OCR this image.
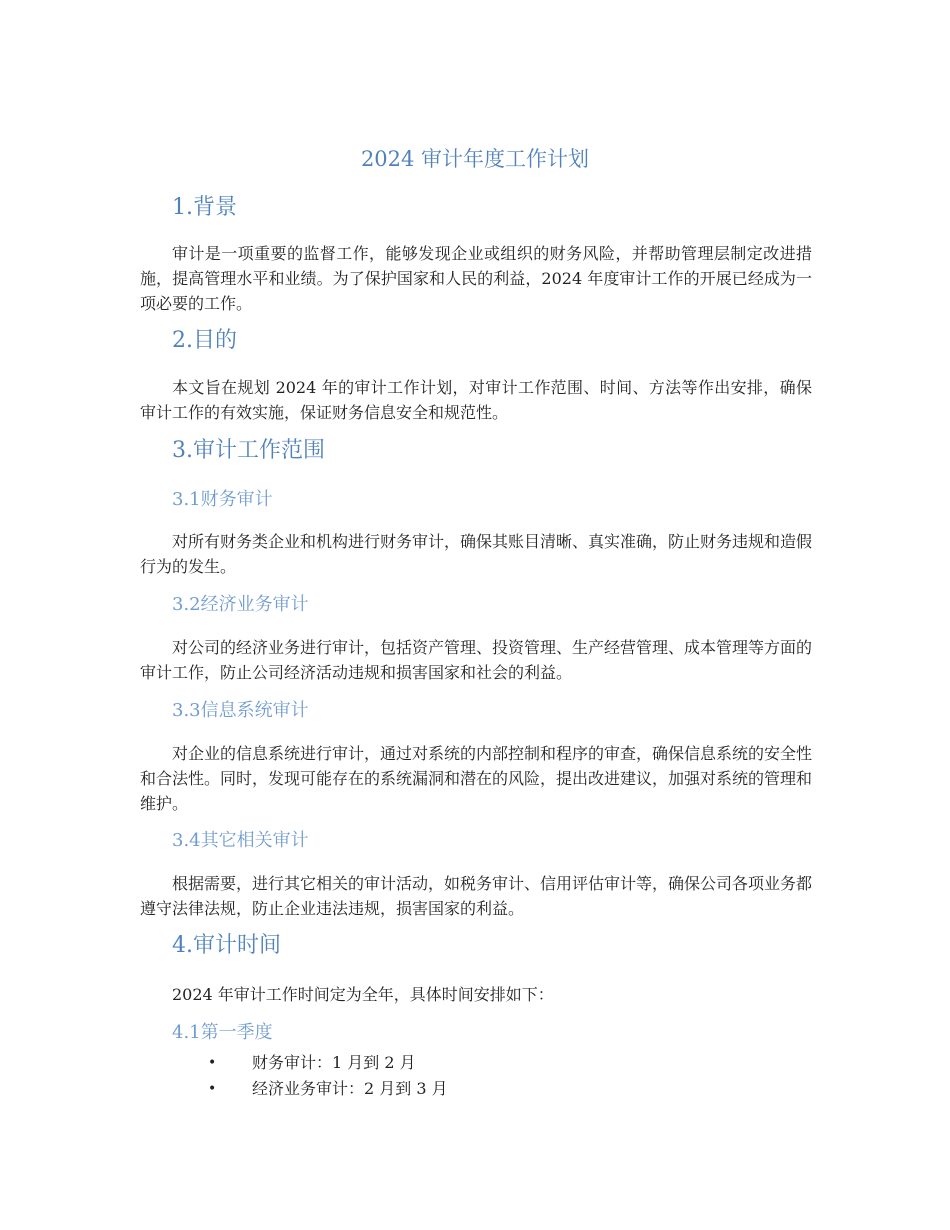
2024 审计年度工作计划
1.背景

审计是一项重要的监督工作，能够发现企业或组织的财务风险，并帮助管理层制定改进措施，提高管理水平和业绩。为了保护国家和人民的利益，2024 年度审计工作的开展已经成为一项必要的工作。

2.目的

本文旨在规划 2024 年的审计工作计划，对审计工作范围、时间、方法等作出安排，确保审计工作的有效实施，保证财务信息安全和规范性。

3.审计工作范围
3.1财务审计

对所有财务类企业和机构进行财务审计，确保其账目清晰、真实准确，防止财务违规和造假行为的发生。

3.2经济业务审计

对公司的经济业务进行审计，包括资产管理、投资管理、生产经营管理、成本管理等方面的审计工作，防止公司经济活动违规和损害国家和社会的利益。

3.3信息系统审计

对企业的信息系统进行审计，通过对系统的内部控制和程序的审查，确保信息系统的安全性和合法性。同时，发现可能存在的系统漏洞和潜在的风险，提出改进建议，加强对系统的管理和维护。

3.4其它相关审计

根据需要，进行其它相关的审计活动，如税务审计、信用评估审计等，确保公司各项业务都遵守法律法规，防止企业违法违规，损害国家的利益。

4.审计时间

2024 年审计工作时间定为全年，具体时间安排如下：

4.1第一季度
• 财务审计：1 月到 2 月
• 经济业务审计：2 月到 3 月
